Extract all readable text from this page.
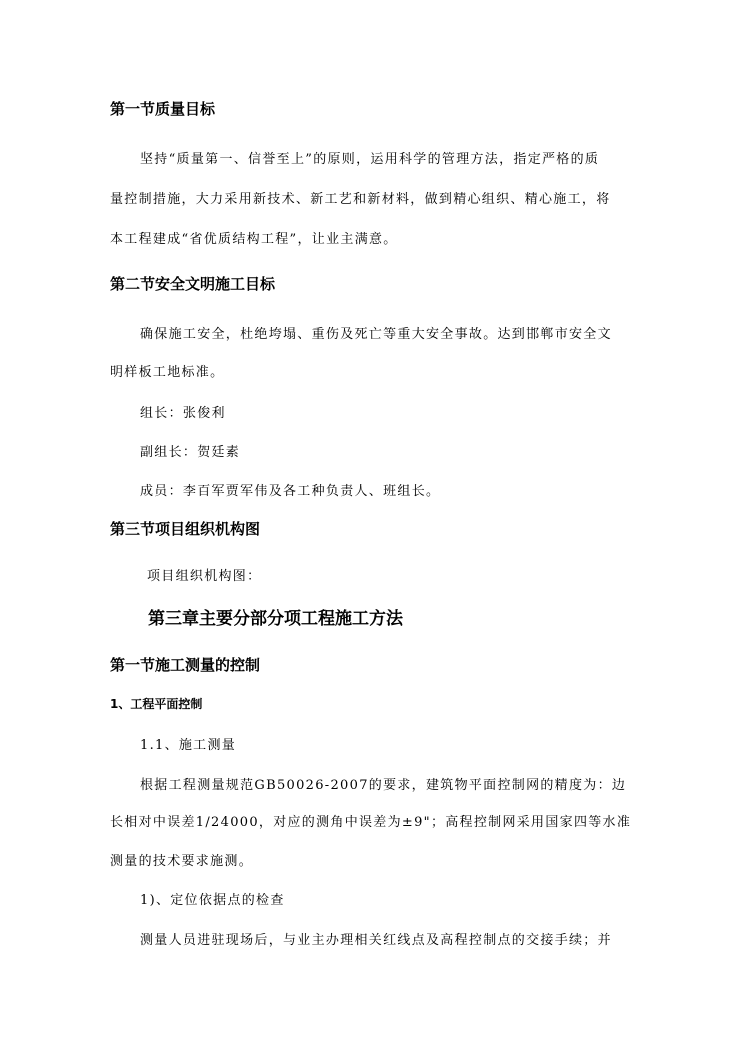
第一节质量目标
坚持“质量第一、信誉至上”的原则，运用科学的管理方法，指定严格的质
量控制措施，大力采用新技术、新工艺和新材料，做到精心组织、精心施工，将
本工程建成“省优质结构工程”，让业主满意。
第二节安全文明施工目标
确保施工安全，杜绝垮塌、重伤及死亡等重大安全事故。达到邯郸市安全文
明样板工地标准。
组长：张俊利
副组长：贺廷素
成员：李百军贾军伟及各工种负责人、班组长。
第三节项目组织机构图
项目组织机构图：
第三章主要分部分项工程施工方法
第一节施工测量的控制
1、工程平面控制
1.1、施工测量
根据工程测量规范GB50026-2007的要求，建筑物平面控制网的精度为：边
长相对中误差1/24000，对应的测角中误差为±9"；高程控制网采用国家四等水准
测量的技术要求施测。
1)、定位依据点的检查
测量人员进驻现场后，与业主办理相关红线点及高程控制点的交接手续；并
